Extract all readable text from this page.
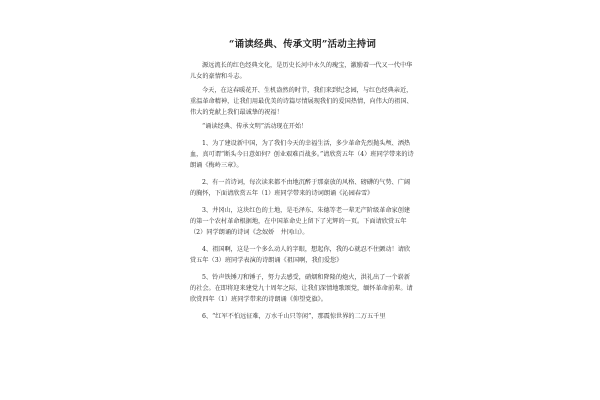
“诵读经典、传承文明”活动主持词

源远流长的红色经典文化，是历史长河中永久的瑰宝，激励着一代又一代中华儿女的豪情和斗志。

今天，在这春暖花开、生机盎然的时节，我们来到纪念园，与红色经典亲近，重温革命精神，让我们用最优美的诗篇尽情展现我们的爱国热情，向伟大的祖国、伟大的党献上我们最诚挚的祝福！

“诵读经典、传承文明”活动现在开始！

1、为了建设新中国，为了我们今天的幸福生活，多少革命先烈抛头颅、洒热血，真可谓“断头今日意如何？创业艰难百战多。”请欣赏五年（4）班同学带来的诗朗诵《梅岭三章》。

2、有一首诗词，每次读来都不由地沉醉于那豪放的风格、磅礴的气势、广阔的胸怀，下面请欣赏五年（1）班同学带来的诗词朗诵《沁园春雪》

3、井冈山，这块红色的土地，是毛泽东、朱德等老一辈无产阶级革命家创建的第一个农村革命根据地，在中国革命史上留下了光辉的一页。下面请欣赏五年（2）同学朗诵的诗词《念奴娇　井冈山》。

4、祖国啊，这是一个多么动人的字眼，想起你，我的心就忍不住颤动！请欣赏五年（3）班同学表演的诗朗诵《祖国啊，我们爱您》

5、铃声铁锤刀和锤子，努力去感受，硝烟和降隆的炮火，洪礼出了一个崭新的社会。在即将迎来建党九十周年之际，让我们深情地歌颂党，缅怀革命前辈。请欣赏四年（1）班同学带来的诗朗诵《仰望党旗》。

6、“红军不怕远征难，万水千山只等闲”，那震惊世界的二万五千里
